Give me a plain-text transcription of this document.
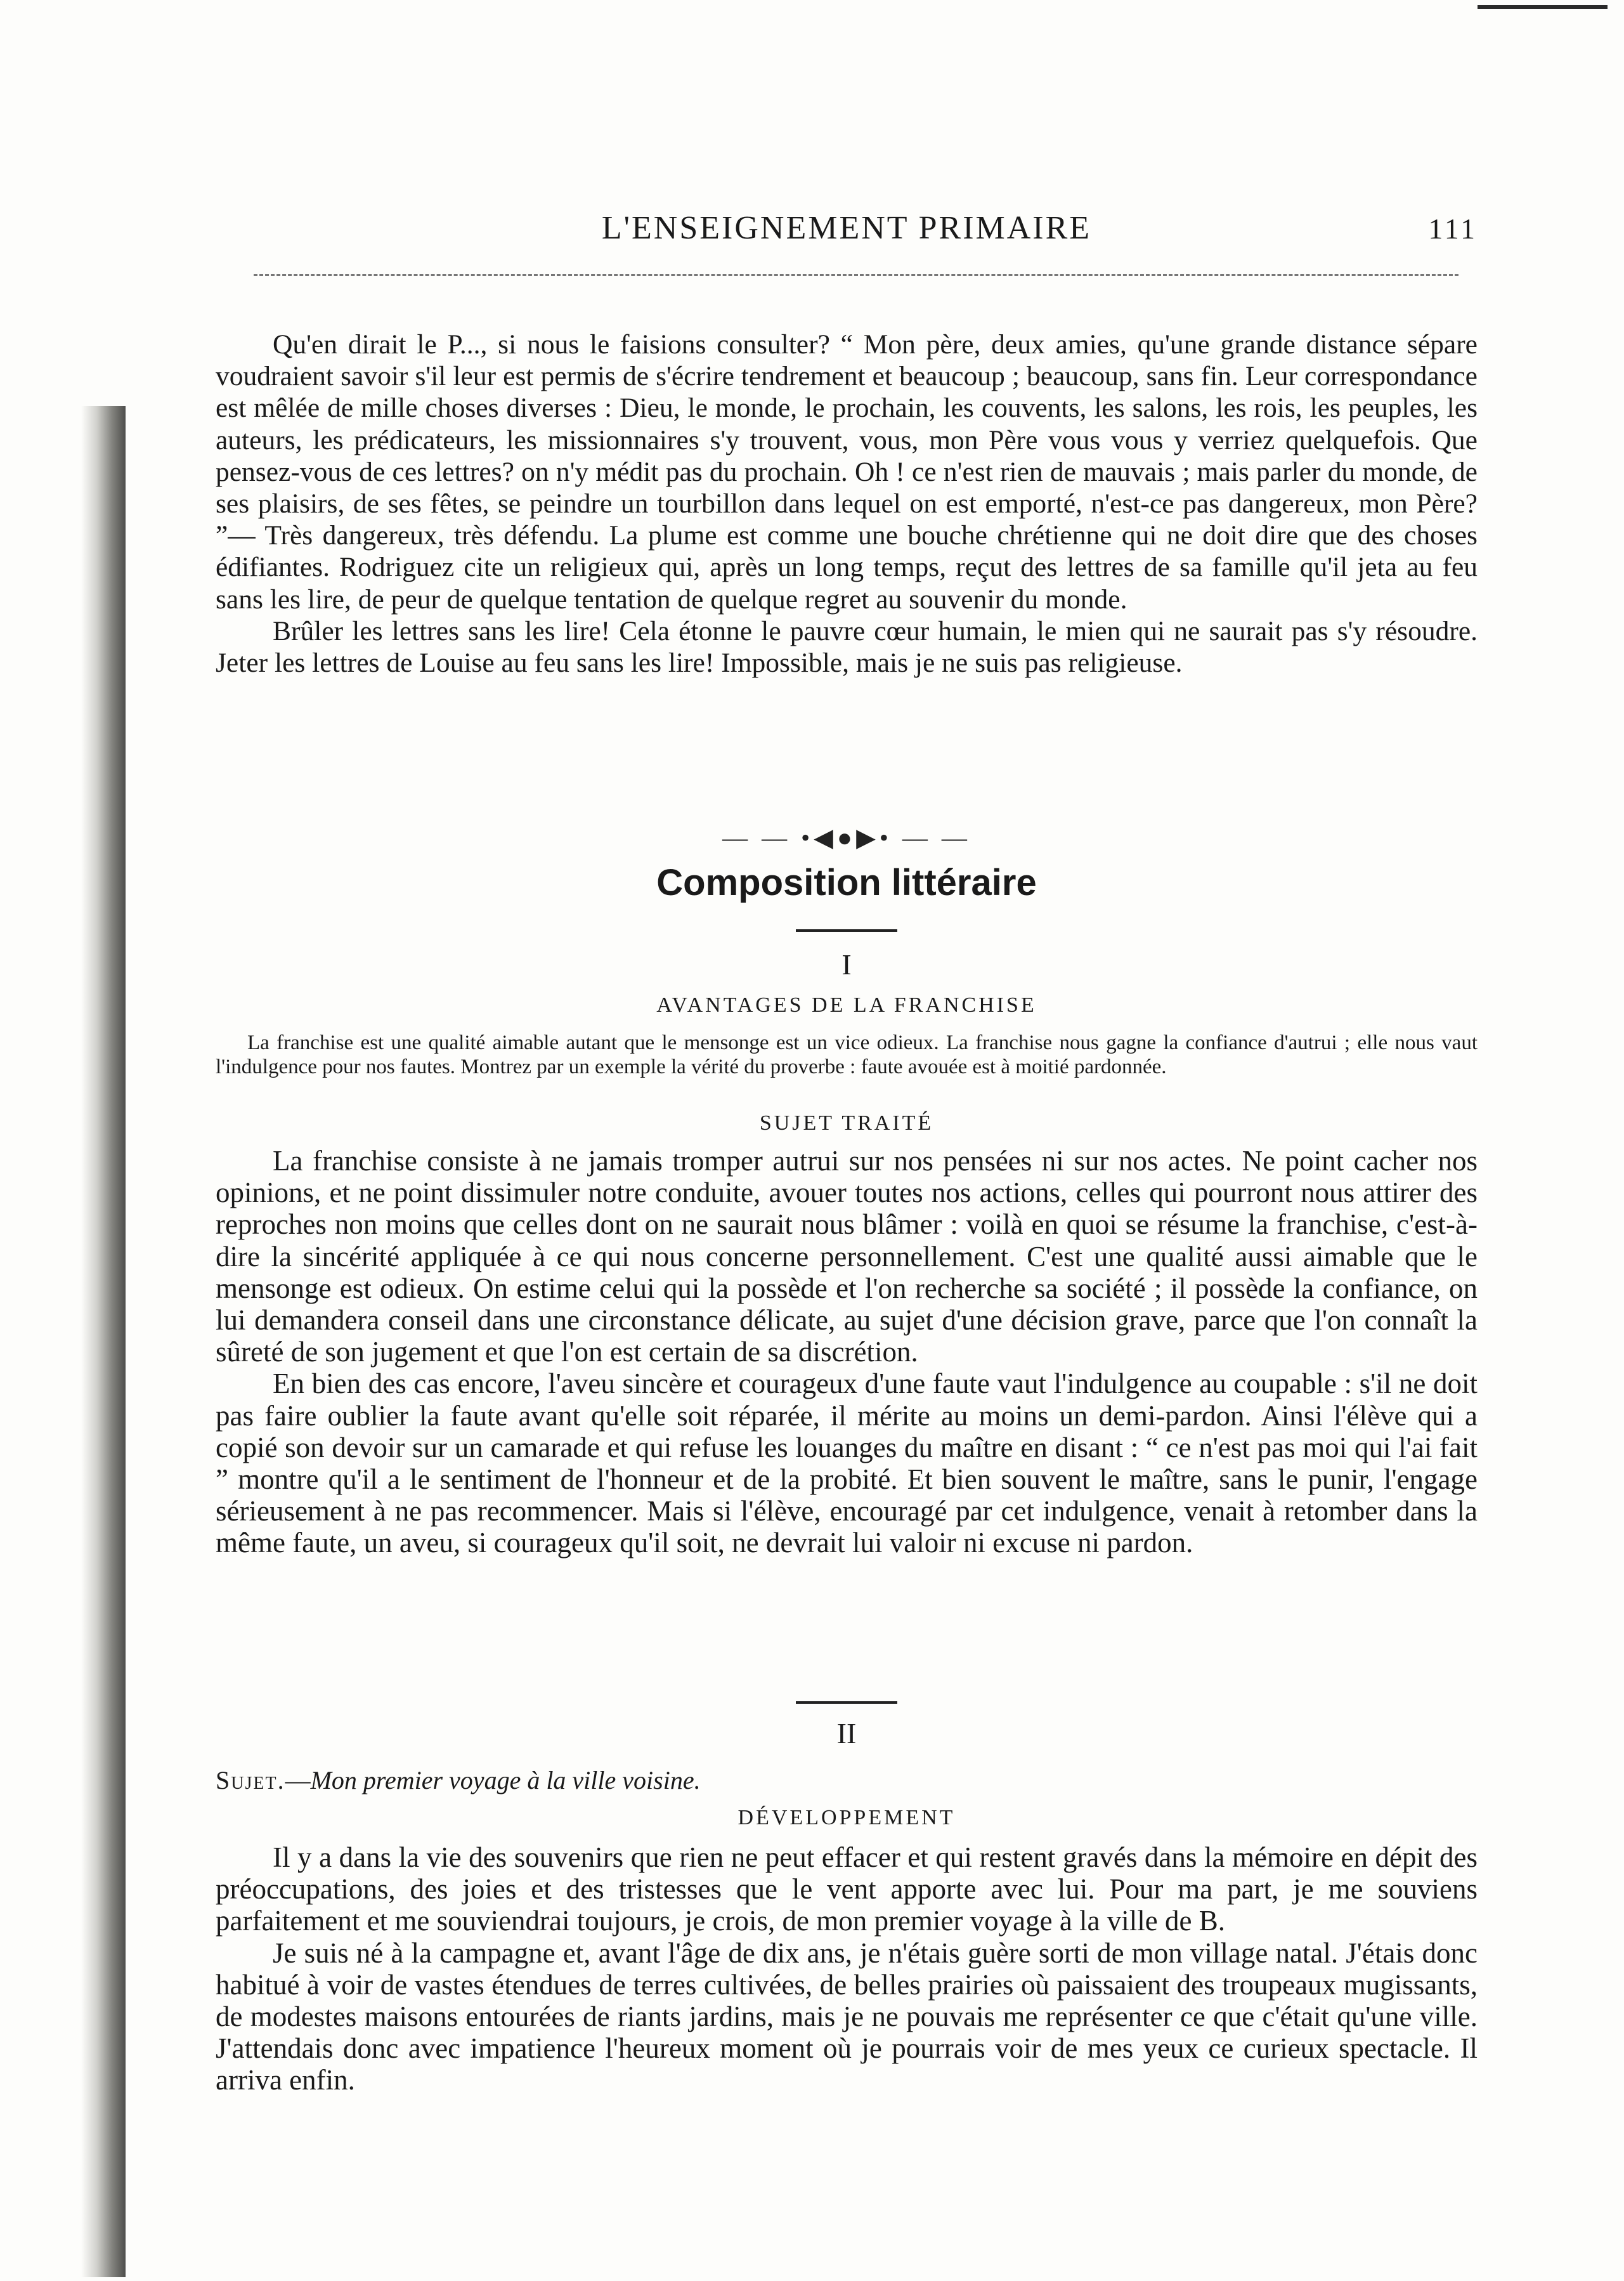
L'ENSEIGNEMENT PRIMAIRE	111

Qu'en dirait le P..., si nous le faisions consulter? “ Mon père, deux amies, qu'une grande distance sépare voudraient savoir s'il leur est permis de s'écrire tendrement et beaucoup ; beaucoup, sans fin. Leur correspondance est mêlée de mille choses diverses : Dieu, le monde, le prochain, les couvents, les salons, les rois, les peuples, les auteurs, les prédicateurs, les missionnaires s'y trouvent, vous, mon Père vous vous y verriez quelquefois. Que pensez-vous de ces lettres? on n'y médit pas du prochain. Oh ! ce n'est rien de mauvais ; mais parler du monde, de ses plaisirs, de ses fêtes, se peindre un tourbillon dans lequel on est emporté, n'est-ce pas dangereux, mon Père? ”— Très dangereux, très défendu. La plume est comme une bouche chrétienne qui ne doit dire que des choses édifiantes. Rodriguez cite un religieux qui, après un long temps, reçut des lettres de sa famille qu'il jeta au feu sans les lire, de peur de quelque tentation de quelque regret au souvenir du monde.

Brûler les lettres sans les lire! Cela étonne le pauvre cœur humain, le mien qui ne saurait pas s'y résoudre. Jeter les lettres de Louise au feu sans les lire! Impossible, mais je ne suis pas religieuse.

— — •◀●▶• — —
Composition littéraire
I
AVANTAGES DE LA FRANCHISE
La franchise est une qualité aimable autant que le mensonge est un vice odieux. La franchise nous gagne la confiance d'autrui ; elle nous vaut l'indulgence pour nos fautes. Montrez par un exemple la vérité du proverbe : faute avouée est à moitié pardonnée.
SUJET TRAITÉ

La franchise consiste à ne jamais tromper autrui sur nos pensées ni sur nos actes. Ne point cacher nos opinions, et ne point dissimuler notre conduite, avouer toutes nos actions, celles qui pourront nous attirer des reproches non moins que celles dont on ne saurait nous blâmer : voilà en quoi se résume la franchise, c'est-à-dire la sincérité appliquée à ce qui nous concerne personnellement. C'est une qualité aussi aimable que le mensonge est odieux. On estime celui qui la possède et l'on recherche sa société ; il possède la confiance, on lui demandera conseil dans une circonstance délicate, au sujet d'une décision grave, parce que l'on connaît la sûreté de son jugement et que l'on est certain de sa discrétion.

En bien des cas encore, l'aveu sincère et courageux d'une faute vaut l'indulgence au coupable : s'il ne doit pas faire oublier la faute avant qu'elle soit réparée, il mérite au moins un demi-pardon. Ainsi l'élève qui a copié son devoir sur un camarade et qui refuse les louanges du maître en disant : “ ce n'est pas moi qui l'ai fait ” montre qu'il a le sentiment de l'honneur et de la probité. Et bien souvent le maître, sans le punir, l'engage sérieusement à ne pas recommencer. Mais si l'élève, encouragé par cet indulgence, venait à retomber dans la même faute, un aveu, si courageux qu'il soit, ne devrait lui valoir ni excuse ni pardon.

II
Sujet.—Mon premier voyage à la ville voisine.
DÉVELOPPEMENT

Il y a dans la vie des souvenirs que rien ne peut effacer et qui restent gravés dans la mémoire en dépit des préoccupations, des joies et des tristesses que le vent apporte avec lui. Pour ma part, je me souviens parfaitement et me souviendrai toujours, je crois, de mon premier voyage à la ville de B.

Je suis né à la campagne et, avant l'âge de dix ans, je n'étais guère sorti de mon village natal. J'étais donc habitué à voir de vastes étendues de terres cultivées, de belles prairies où paissaient des troupeaux mugissants, de modestes maisons entourées de riants jardins, mais je ne pouvais me représenter ce que c'était qu'une ville. J'attendais donc avec impatience l'heureux moment où je pourrais voir de mes yeux ce curieux spectacle. Il arriva enfin.
